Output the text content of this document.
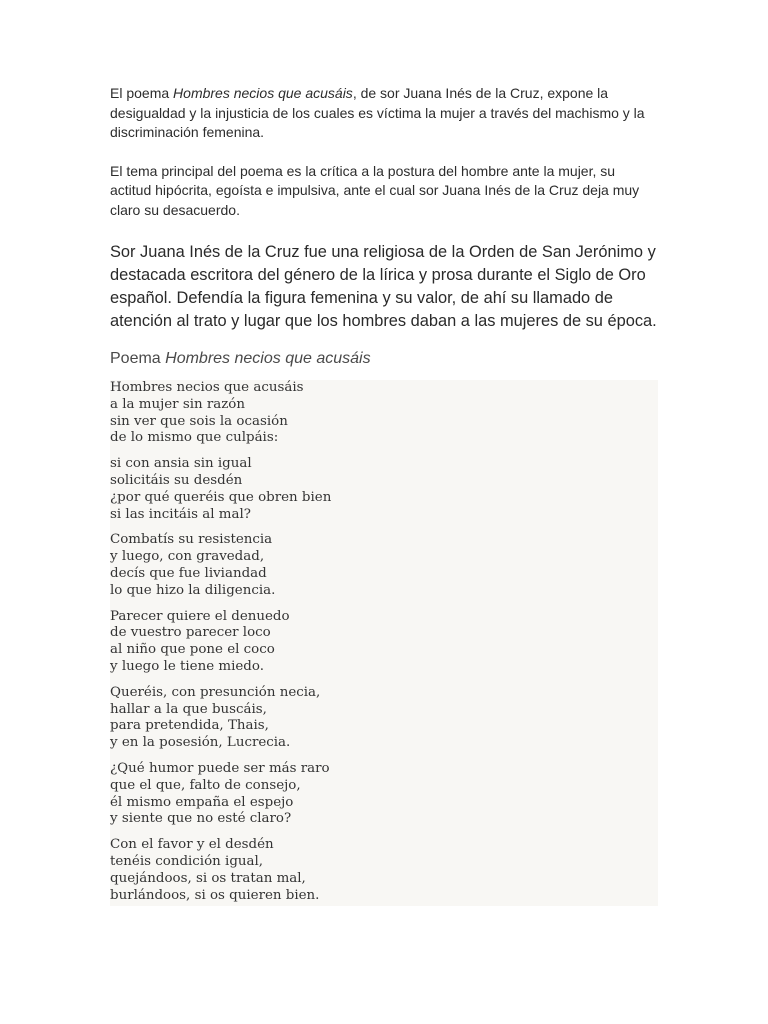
El poema Hombres necios que acusáis, de sor Juana Inés de la Cruz, expone la desigualdad y la injusticia de los cuales es víctima la mujer a través del machismo y la discriminación femenina.

El tema principal del poema es la crítica a la postura del hombre ante la mujer, su actitud hipócrita, egoísta e impulsiva, ante el cual sor Juana Inés de la Cruz deja muy claro su desacuerdo.

Sor Juana Inés de la Cruz fue una religiosa de la Orden de San Jerónimo y destacada escritora del género de la lírica y prosa durante el Siglo de Oro español. Defendía la figura femenina y su valor, de ahí su llamado de atención al trato y lugar que los hombres daban a las mujeres de su época.

Poema Hombres necios que acusáis
Hombres necios que acusáis
a la mujer sin razón
sin ver que sois la ocasión
de lo mismo que culpáis:
si con ansia sin igual
solicitáis su desdén
¿por qué queréis que obren bien
si las incitáis al mal?
Combatís su resistencia
y luego, con gravedad,
decís que fue liviandad
lo que hizo la diligencia.
Parecer quiere el denuedo
de vuestro parecer loco
al niño que pone el coco
y luego le tiene miedo.
Queréis, con presunción necia,
hallar a la que buscáis,
para pretendida, Thais,
y en la posesión, Lucrecia.
¿Qué humor puede ser más raro
que el que, falto de consejo,
él mismo empaña el espejo
y siente que no esté claro?
Con el favor y el desdén
tenéis condición igual,
quejándoos, si os tratan mal,
burlándoos, si os quieren bien.
